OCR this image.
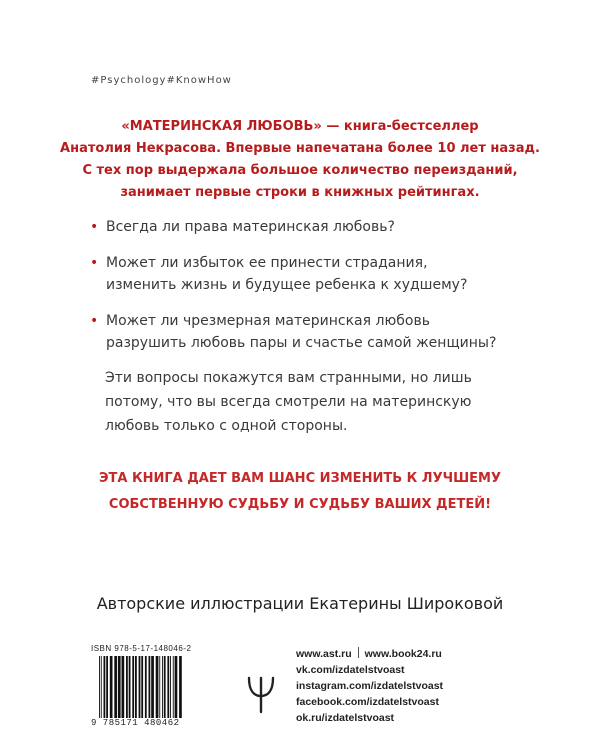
#Psychology#KnowHow
«МАТЕРИНСКАЯ ЛЮБОВЬ» — книга-бестселлер
Анатолия Некрасова. Впервые напечатана более 10 лет назад.
С тех пор выдержала большое количество переизданий,
занимает первые строки в книжных рейтингах.
• Всегда ли права материнская любовь?
• Может ли избыток ее принести страдания,
изменить жизнь и будущее ребенка к худшему?
• Может ли чрезмерная материнская любовь
разрушить любовь пары и счастье самой женщины?
Эти вопросы покажутся вам странными, но лишь
потому, что вы всегда смотрели на материнскую
любовь только с одной стороны.
ЭТА КНИГА ДАЕТ ВАМ ШАНС ИЗМЕНИТЬ К ЛУЧШЕМУ
СОБСТВЕННУЮ СУДЬБУ И СУДЬБУ ВАШИХ ДЕТЕЙ!
Авторские иллюстрации Екатерины Широковой
ISBN 978-5-17-148046-2
9 785171 480462
www.ast.ru www.book24.ru
vk.com/izdatelstvoast
instagram.com/izdatelstvoast
facebook.com/izdatelstvoast
ok.ru/izdatelstvoast
